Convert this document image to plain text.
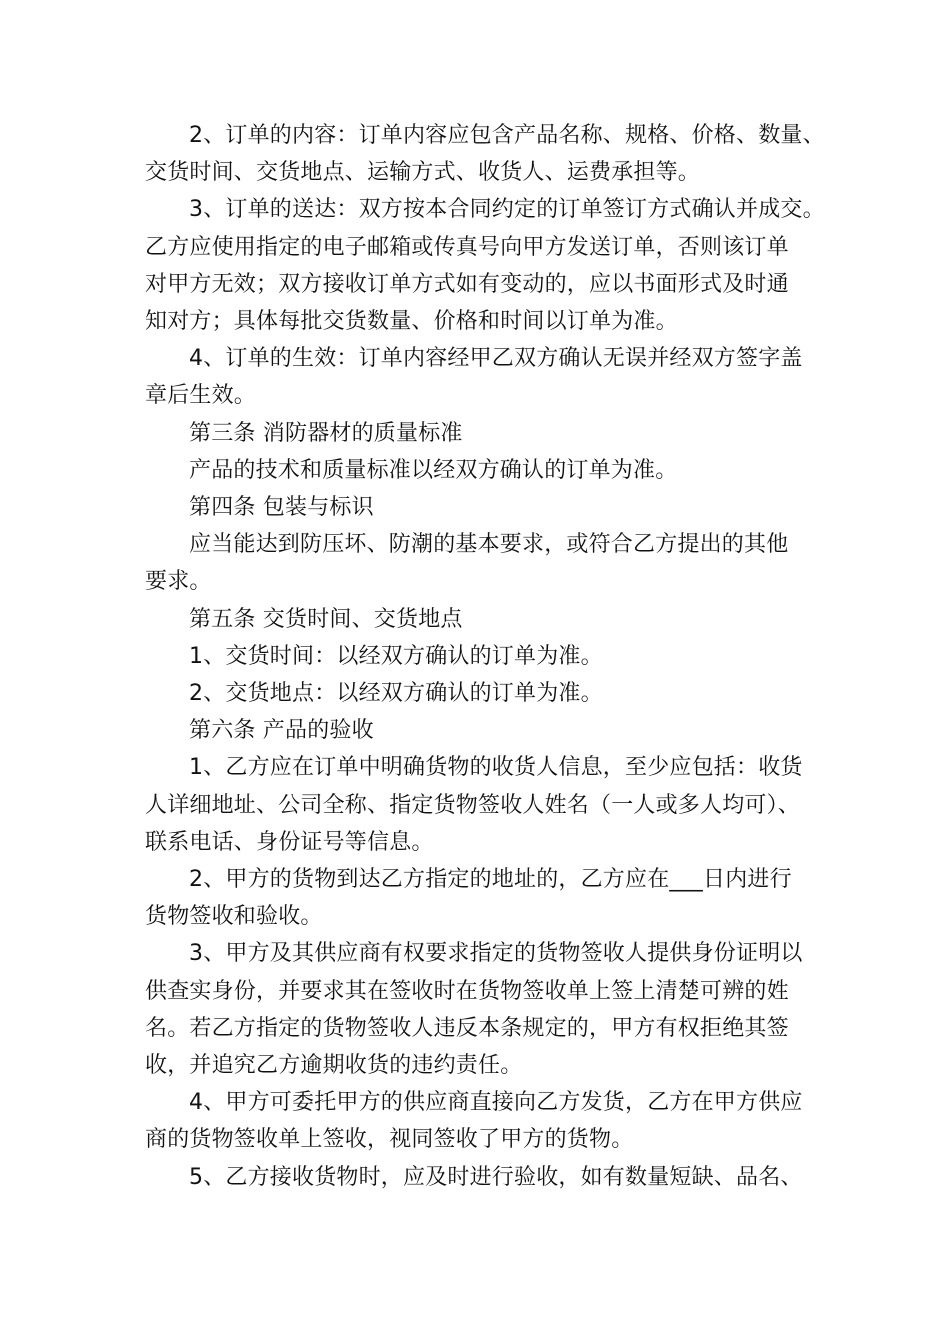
2、订单的内容：订单内容应包含产品名称、规格、价格、数量、
交货时间、交货地点、运输方式、收货人、运费承担等。

3、订单的送达：双方按本合同约定的订单签订方式确认并成交。
乙方应使用指定的电子邮箱或传真号向甲方发送订单，否则该订单
对甲方无效；双方接收订单方式如有变动的，应以书面形式及时通
知对方；具体每批交货数量、价格和时间以订单为准。

4、订单的生效：订单内容经甲乙双方确认无误并经双方签字盖
章后生效。

第三条 消防器材的质量标准

产品的技术和质量标准以经双方确认的订单为准。

第四条 包装与标识

应当能达到防压坏、防潮的基本要求，或符合乙方提出的其他
要求。

第五条 交货时间、交货地点

1、交货时间：以经双方确认的订单为准。

2、交货地点：以经双方确认的订单为准。

第六条 产品的验收

1、乙方应在订单中明确货物的收货人信息，至少应包括：收货
人详细地址、公司全称、指定货物签收人姓名（一人或多人均可）、
联系电话、身份证号等信息。

2、甲方的货物到达乙方指定的地址的，乙方应在___日内进行
货物签收和验收。

3、甲方及其供应商有权要求指定的货物签收人提供身份证明以
供查实身份，并要求其在签收时在货物签收单上签上清楚可辨的姓
名。若乙方指定的货物签收人违反本条规定的，甲方有权拒绝其签
收，并追究乙方逾期收货的违约责任。

4、甲方可委托甲方的供应商直接向乙方发货，乙方在甲方供应
商的货物签收单上签收，视同签收了甲方的货物。

5、乙方接收货物时，应及时进行验收，如有数量短缺、品名、
